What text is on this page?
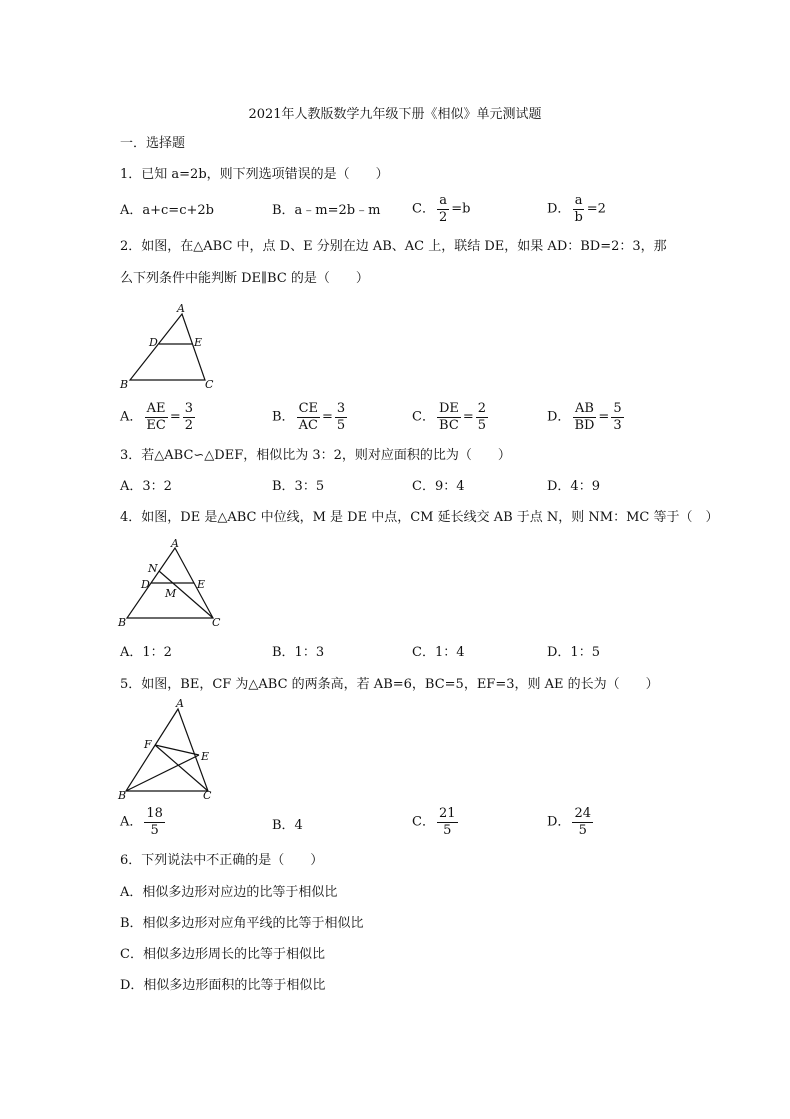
2021年人教版数学九年级下册《相似》单元测试题
一．选择题
1．已知 a=2b，则下列选项错误的是（　　）
A．a+c=c+2b	B．a﹣m=2b﹣m C． $\frac{a}{2} =b$	D． $\frac{a}{b} =2$
2．如图，在△ABC 中，点 D、E 分别在边 AB、AC 上，联结 DE，如果 AD：BD=2：3，那
么下列条件中能判断 DE∥BC 的是（　　）
A
D	E
B	C
A． $\frac{AE}{EC} = \frac{3}{2}$	B． $\frac{CE}{AC} = \frac{3}{5}$	C． $\frac{DE}{BC} = \frac{2}{5}$	D． $\frac{AB}{BD} = \frac{5}{3}$
3．若△ABC∽△DEF，相似比为 3：2，则对应面积的比为（　　）
A．3：2	B．3：5	C．9：4	D．4：9
4．如图，DE 是△ABC 中位线，M 是 DE 中点，CM 延长线交 AB 于点 N，则 NM：MC 等于（　）
A
N
D	E
M
B	C
A．1：2	B．1：3	C．1：4	D．1：5
5．如图，BE，CF 为△ABC 的两条高，若 AB=6，BC=5，EF=3，则 AE 的长为（　　）
A
F
E
B	C
A． $\frac{18}{5}$	B．4	C． $\frac{21}{5}$	D． $\frac{24}{5}$
6．下列说法中不正确的是（　　）
A．相似多边形对应边的比等于相似比
B．相似多边形对应角平线的比等于相似比
C．相似多边形周长的比等于相似比
D．相似多边形面积的比等于相似比
